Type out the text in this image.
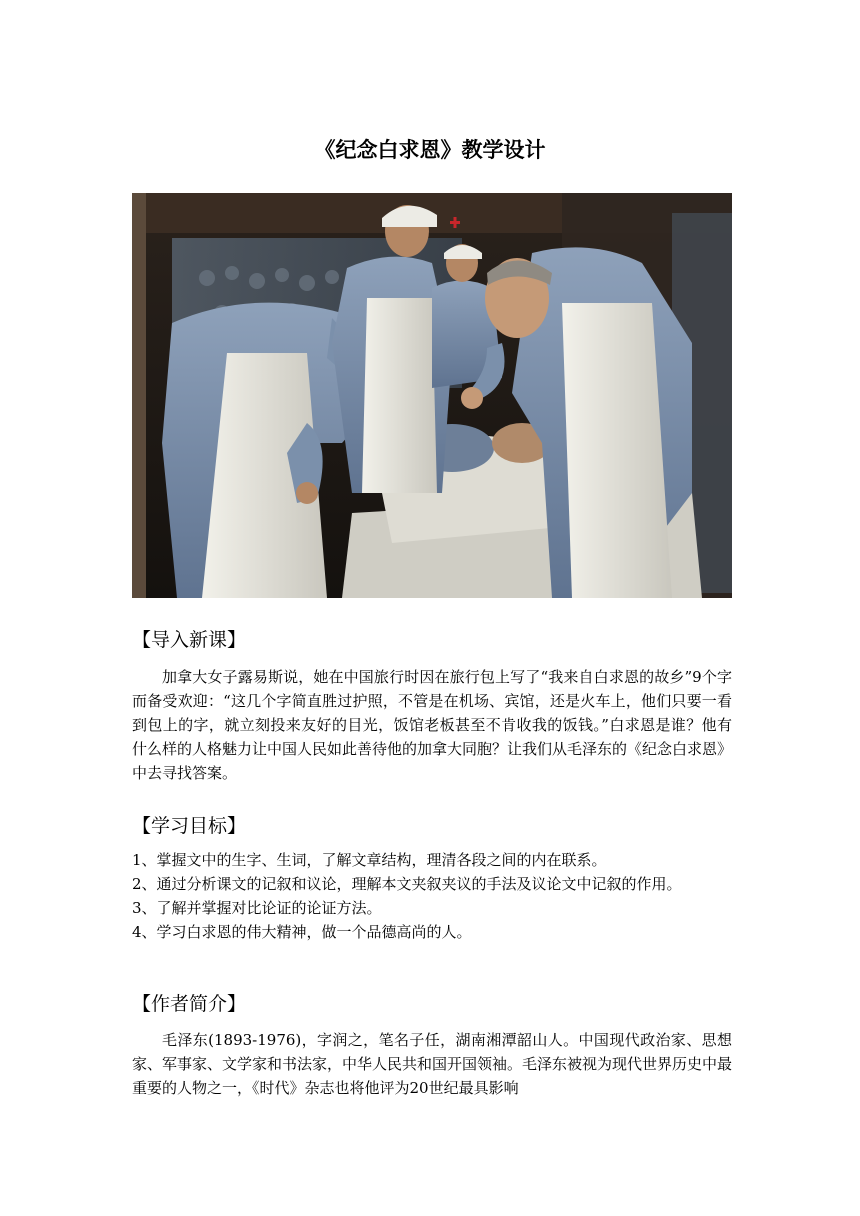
《纪念白求恩》教学设计
【导入新课】

加拿大女子露易斯说，她在中国旅行时因在旅行包上写了“我来自白求恩的故乡”9个字而备受欢迎：“这几个字简直胜过护照，不管是在机场、宾馆，还是火车上，他们只要一看到包上的字，就立刻投来友好的目光，饭馆老板甚至不肯收我的饭钱。”白求恩是谁？他有什么样的人格魅力让中国人民如此善待他的加拿大同胞？让我们从毛泽东的《纪念白求恩》中去寻找答案。

【学习目标】
1、掌握文中的生字、生词，了解文章结构，理清各段之间的内在联系。
2、通过分析课文的记叙和议论，理解本文夹叙夹议的手法及议论文中记叙的作用。
3、了解并掌握对比论证的论证方法。
4、学习白求恩的伟大精神，做一个品德高尚的人。
【作者简介】

毛泽东(1893-1976)，字润之，笔名子任，湖南湘潭韶山人。中国现代政治家、思想家、军事家、文学家和书法家，中华人民共和国开国领袖。毛泽东被视为现代世界历史中最重要的人物之一，《时代》杂志也将他评为20世纪最具影响
